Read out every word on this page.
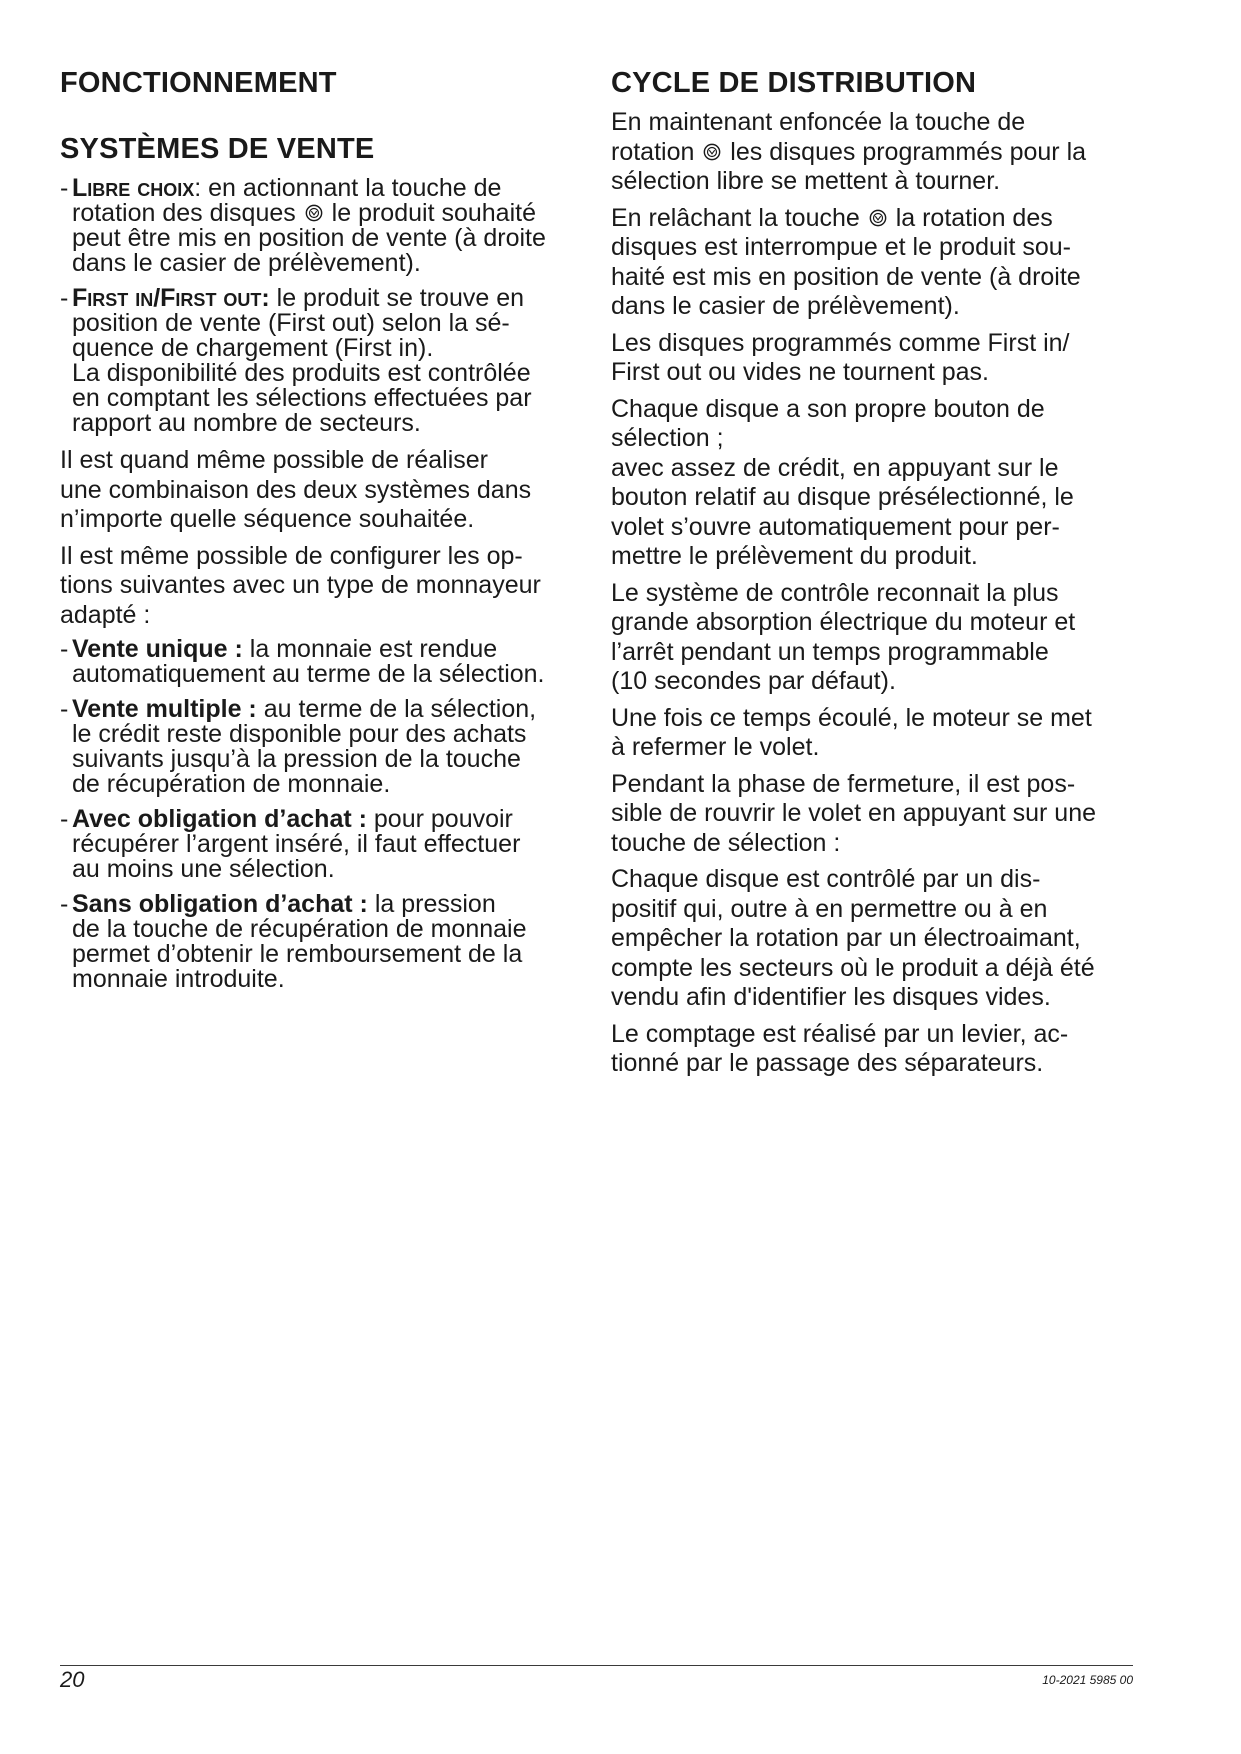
FONCTIONNEMENT
SYSTÈMES DE VENTE
- Libre choix: en actionnant la touche de
rotation des disques le produit souhaité
peut être mis en position de vente (à droite
dans le casier de prélèvement).
- First in/First out: le produit se trouve en
position de vente (First out) selon la sé-
quence de chargement (First in).
La disponibilité des produits est contrôlée
en comptant les sélections effectuées par
rapport au nombre de secteurs.

Il est quand même possible de réaliser
une combinaison des deux systèmes dans
n’importe quelle séquence souhaitée.

Il est même possible de configurer les op-
tions suivantes avec un type de monnayeur
adapté :

- Vente unique : la monnaie est rendue
automatiquement au terme de la sélection.
- Vente multiple : au terme de la sélection,
le crédit reste disponible pour des achats
suivants jusqu’à la pression de la touche
de récupération de monnaie.
- Avec obligation d’achat : pour pouvoir
récupérer l’argent inséré, il faut effectuer
au moins une sélection.
- Sans obligation d’achat : la pression
de la touche de récupération de monnaie
permet d’obtenir le remboursement de la
monnaie introduite.
CYCLE DE DISTRIBUTION

En maintenant enfoncée la touche de
rotation les disques programmés pour la
sélection libre se mettent à tourner.

En relâchant la touche la rotation des
disques est interrompue et le produit sou-
haité est mis en position de vente (à droite
dans le casier de prélèvement).

Les disques programmés comme First in/
First out ou vides ne tournent pas.

Chaque disque a son propre bouton de
sélection ;
avec assez de crédit, en appuyant sur le
bouton relatif au disque présélectionné, le
volet s’ouvre automatiquement pour per-
mettre le prélèvement du produit.

Le système de contrôle reconnait la plus
grande absorption électrique du moteur et
l’arrêt pendant un temps programmable
(10 secondes par défaut).

Une fois ce temps écoulé, le moteur se met
à refermer le volet.

Pendant la phase de fermeture, il est pos-
sible de rouvrir le volet en appuyant sur une
touche de sélection :

Chaque disque est contrôlé par un dis-
positif qui, outre à en permettre ou à en
empêcher la rotation par un électroaimant,
compte les secteurs où le produit a déjà été
vendu afin d'identifier les disques vides.

Le comptage est réalisé par un levier, ac-
tionné par le passage des séparateurs.

20	10-2021 5985 00
